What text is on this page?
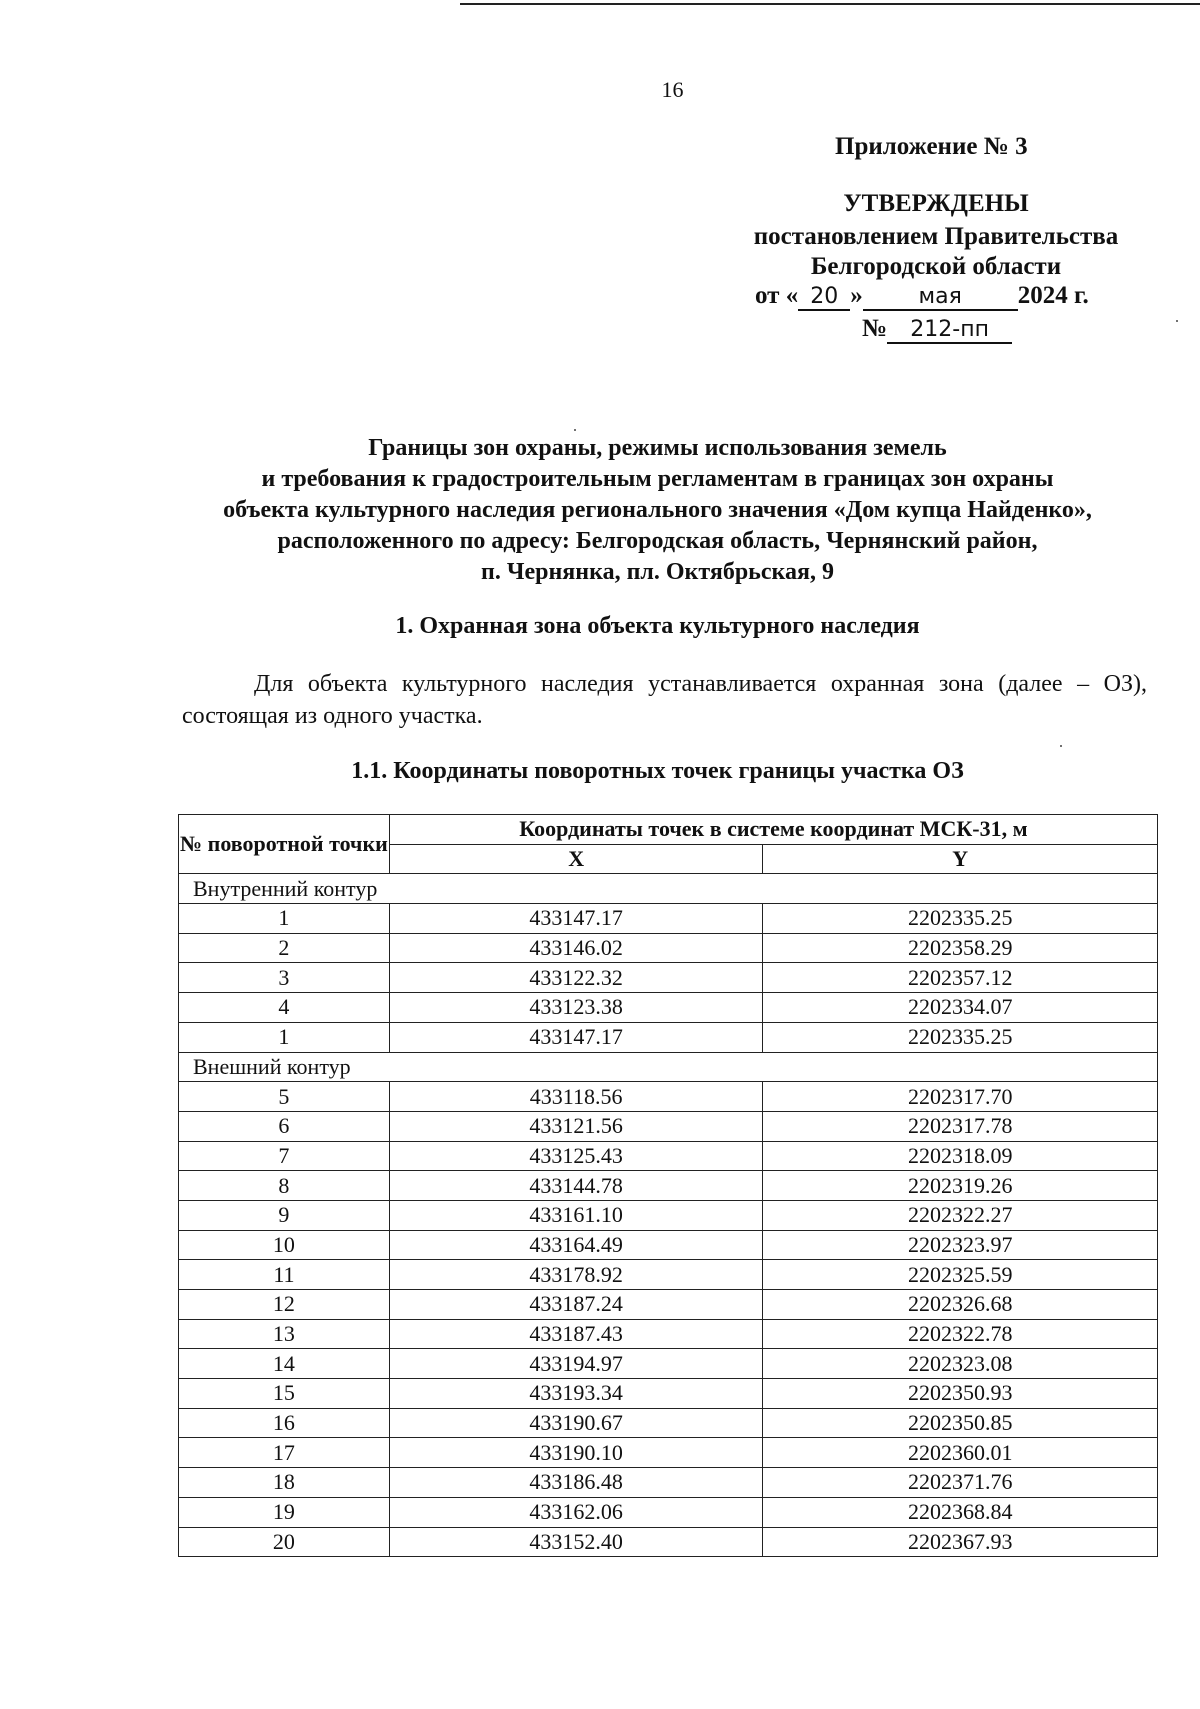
16
Приложение № 3
УТВЕРЖДЕНЫ
постановлением Правительства
Белгородской области
от « 20 »	мая 2024 г.
№ 212-пп
Границы зон охраны, режимы использования земель
и требования к градостроительным регламентам в границах зон охраны
объекта культурного наследия регионального значения «Дом купца Найденко»,
расположенного по адресу: Белгородская область, Чернянский район,
п. Чернянка, пл. Октябрьская, 9
1. Охранная зона объекта культурного наследия
Для объекта культурного наследия устанавливается охранная зона (далее – ОЗ), состоящая из одного участка.
1.1. Координаты поворотных точек границы участка ОЗ
№ поворотной точки	Координаты точек в системе координат МСК-31, м	
	X	Y
Внутренний контур		
1	433147.17	2202335.25
2	433146.02	2202358.29
3	433122.32	2202357.12
4	433123.38	2202334.07
1	433147.17	2202335.25
Внешний контур		
5	433118.56	2202317.70
6	433121.56	2202317.78
7	433125.43	2202318.09
8	433144.78	2202319.26
9	433161.10	2202322.27
10	433164.49	2202323.97
11	433178.92	2202325.59
12	433187.24	2202326.68
13	433187.43	2202322.78
14	433194.97	2202323.08
15	433193.34	2202350.93
16	433190.67	2202350.85
17	433190.10	2202360.01
18	433186.48	2202371.76
19	433162.06	2202368.84
20	433152.40	2202367.93
